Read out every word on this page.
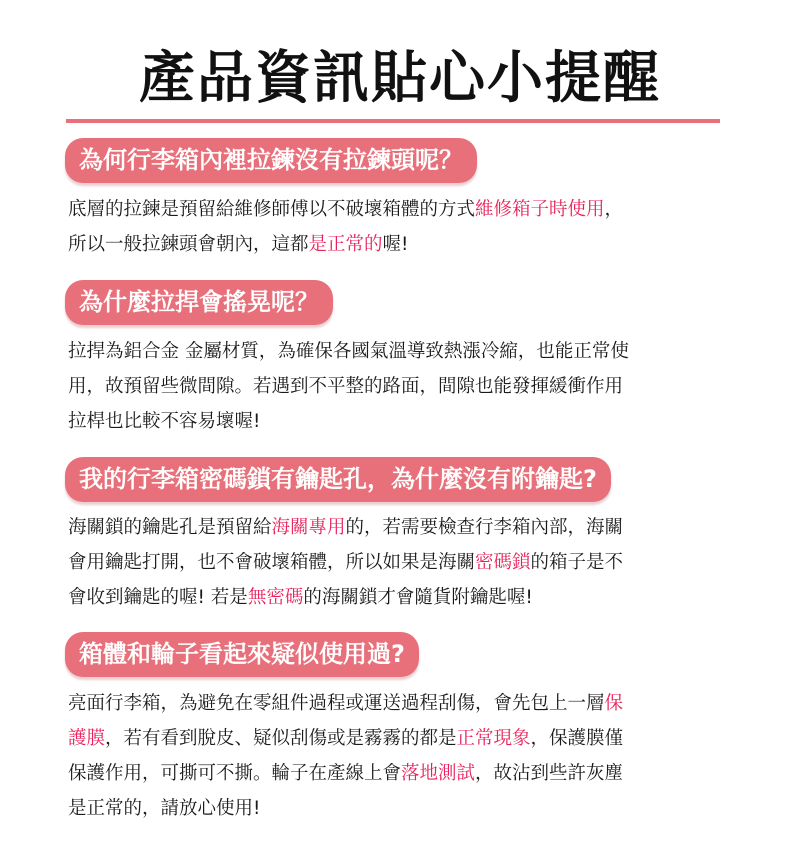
產品資訊貼心小提醒
為何行李箱內裡拉鍊沒有拉鍊頭呢？
底層的拉鍊是預留給維修師傅以不破壞箱體的方式維修箱子時使用，
所以一般拉鍊頭會朝內，這都是正常的喔!
為什麼拉捍會搖晃呢？
拉捍為鋁合金 金屬材質，為確保各國氣溫導致熱漲冷縮，也能正常使
用，故預留些微間隙。若遇到不平整的路面，間隙也能發揮緩衝作用
拉桿也比較不容易壞喔!
我的行李箱密碼鎖有鑰匙孔，為什麼沒有附鑰匙?
海關鎖的鑰匙孔是預留給海關專用的，若需要檢查行李箱內部，海關
會用鑰匙打開，也不會破壞箱體，所以如果是海關密碼鎖的箱子是不
會收到鑰匙的喔! 若是無密碼的海關鎖才會隨貨附鑰匙喔!
箱體和輪子看起來疑似使用過?
亮面行李箱，為避免在零組件過程或運送過程刮傷，會先包上一層保
護膜，若有看到脫皮、疑似刮傷或是霧霧的都是正常現象，保護膜僅
保護作用，可撕可不撕。輪子在產線上會落地測試，故沾到些許灰塵
是正常的，請放心使用!
